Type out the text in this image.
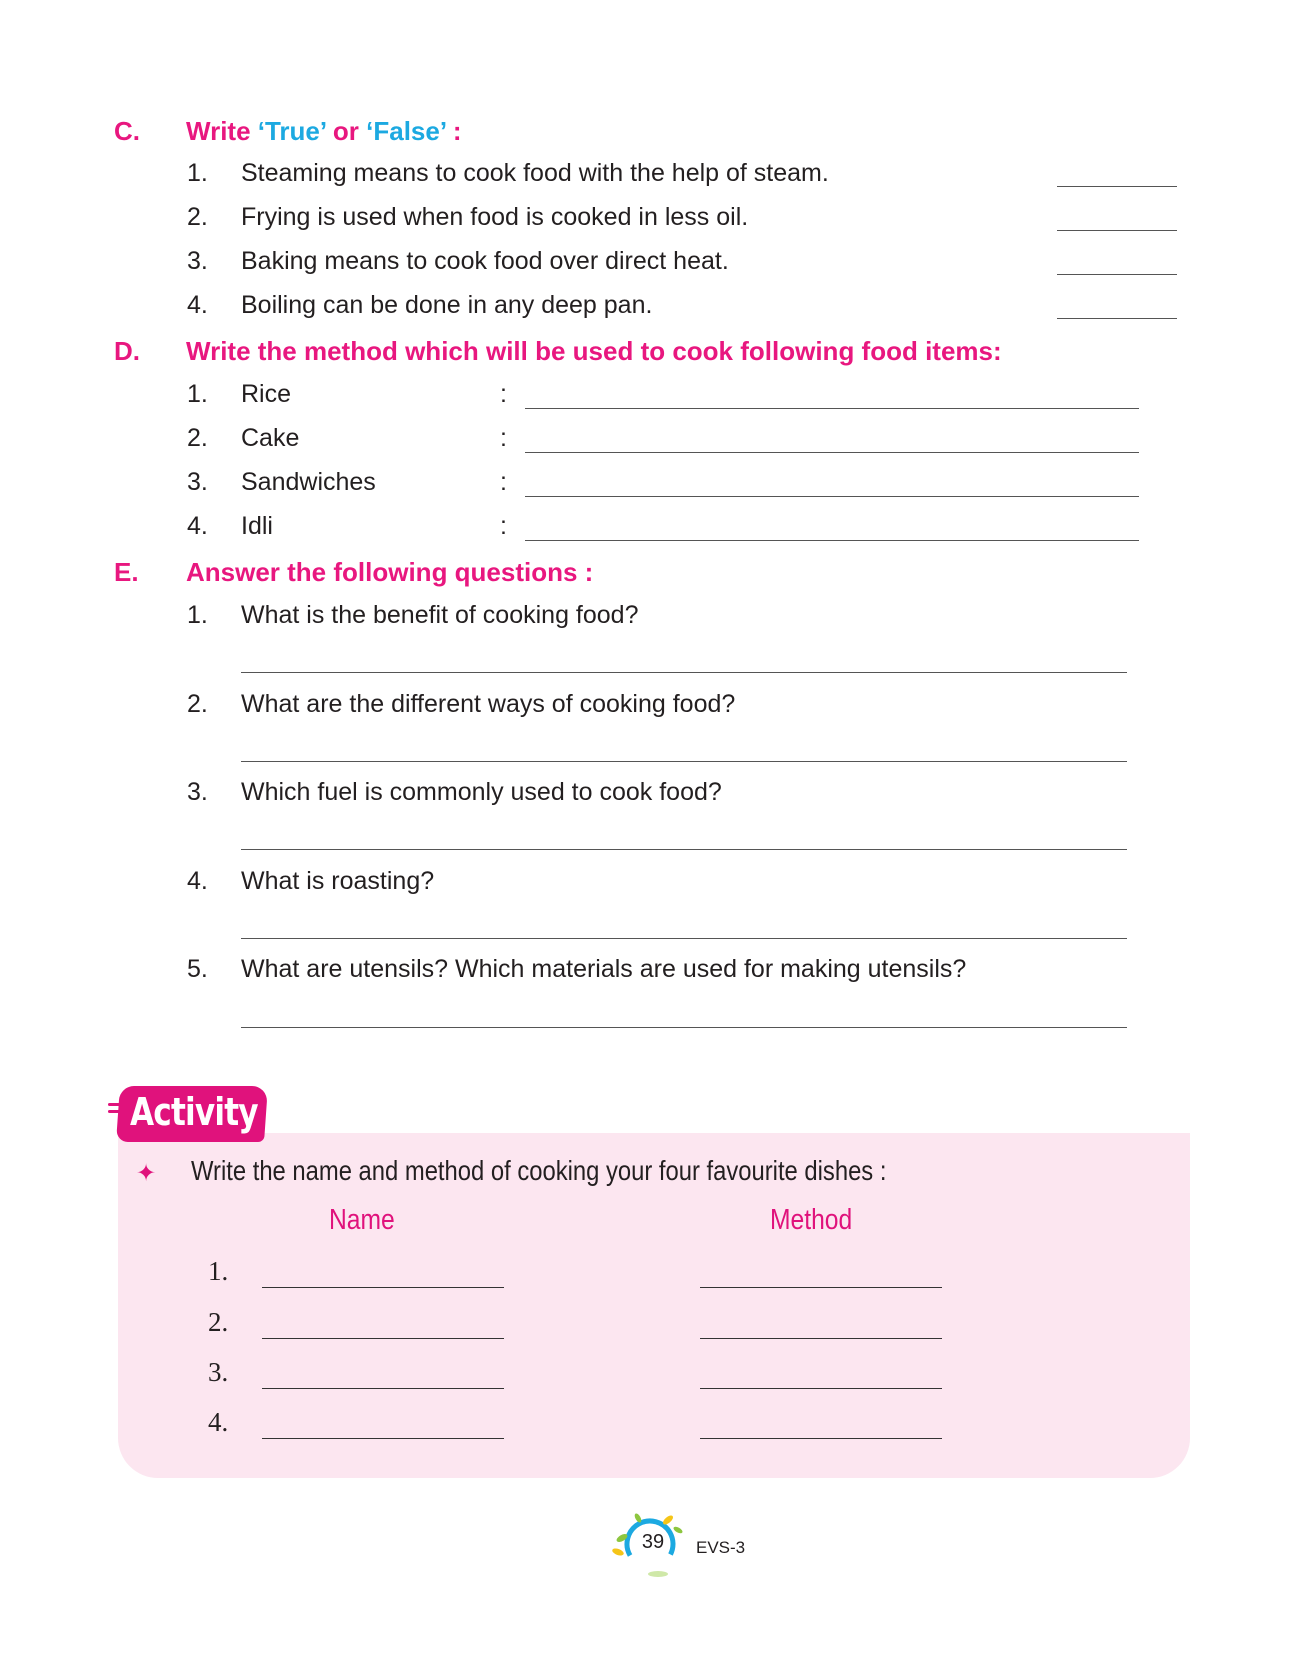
C. Write ‘True’ or ‘False’ :
1. Steaming means to cook food with the help of steam.
2. Frying is used when food is cooked in less oil.
3. Baking means to cook food over direct heat.
4. Boiling can be done in any deep pan.
D. Write the method which will be used to cook following food items:
1. Rice	:
2. Cake	:
3. Sandwiches	:
4. Idli	:
E. Answer the following questions :
1. What is the benefit of cooking food?
2. What are the different ways of cooking food?
3. Which fuel is commonly used to cook food?
4. What is roasting?
5. What are utensils? Which materials are used for making utensils?
Activity
✦ Write the name and method of cooking your four favourite dishes :
Name	Method
1.
2.
3.
4.
39	EVS-3
